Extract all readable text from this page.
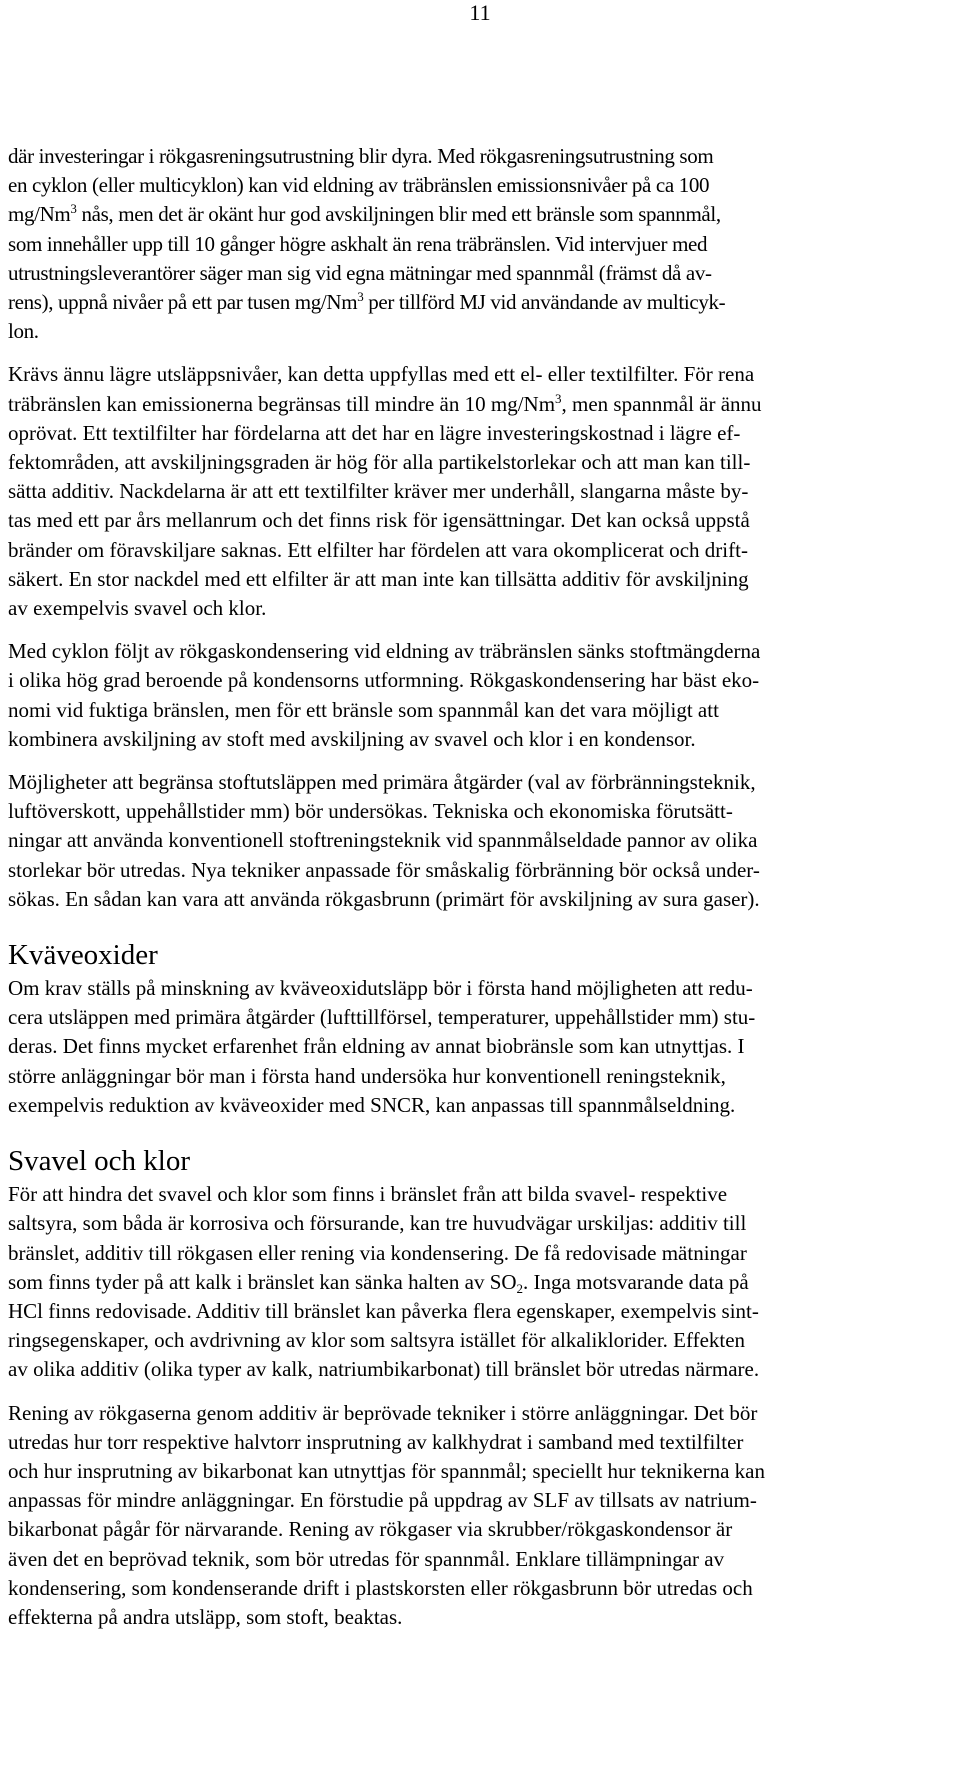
11
där investeringar i rökgasreningsutrustning blir dyra. Med rökgasreningsutrustning som
en cyklon (eller multicyklon) kan vid eldning av träbränslen emissionsnivåer på ca 100
mg/Nm$^3$ nås, men det är okänt hur god avskiljningen blir med ett bränsle som spannmål,
som innehåller upp till 10 gånger högre askhalt än rena träbränslen. Vid intervjuer med
utrustningsleverantörer säger man sig vid egna mätningar med spannmål (främst då av-
rens), uppnå nivåer på ett par tusen mg/Nm$^3$ per tillförd MJ vid användande av multicyk-
lon.
Krävs ännu lägre utsläppsnivåer, kan detta uppfyllas med ett el- eller textilfilter. För rena
träbränslen kan emissionerna begränsas till mindre än 10 mg/Nm$^3$, men spannmål är ännu
oprövat. Ett textilfilter har fördelarna att det har en lägre investeringskostnad i lägre ef-
fektområden, att avskiljningsgraden är hög för alla partikelstorlekar och att man kan till-
sätta additiv. Nackdelarna är att ett textilfilter kräver mer underhåll, slangarna måste by-
tas med ett par års mellanrum och det finns risk för igensättningar. Det kan också uppstå
bränder om föravskiljare saknas. Ett elfilter har fördelen att vara okomplicerat och drift-
säkert. En stor nackdel med ett elfilter är att man inte kan tillsätta additiv för avskiljning
av exempelvis svavel och klor.
Med cyklon följt av rökgaskondensering vid eldning av träbränslen sänks stoftmängderna
i olika hög grad beroende på kondensorns utformning. Rökgaskondensering har bäst eko-
nomi vid fuktiga bränslen, men för ett bränsle som spannmål kan det vara möjligt att
kombinera avskiljning av stoft med avskiljning av svavel och klor i en kondensor.
Möjligheter att begränsa stoftutsläppen med primära åtgärder (val av förbränningsteknik,
luftöverskott, uppehållstider mm) bör undersökas. Tekniska och ekonomiska förutsätt-
ningar att använda konventionell stoftreningsteknik vid spannmålseldade pannor av olika
storlekar bör utredas. Nya tekniker anpassade för småskalig förbränning bör också under-
sökas. En sådan kan vara att använda rökgasbrunn (primärt för avskiljning av sura gaser).
Kväveoxider
Om krav ställs på minskning av kväveoxidutsläpp bör i första hand möjligheten att redu-
cera utsläppen med primära åtgärder (lufttillförsel, temperaturer, uppehållstider mm) stu-
deras. Det finns mycket erfarenhet från eldning av annat biobränsle som kan utnyttjas. I
större anläggningar bör man i första hand undersöka hur konventionell reningsteknik,
exempelvis reduktion av kväveoxider med SNCR, kan anpassas till spannmålseldning.
Svavel och klor
För att hindra det svavel och klor som finns i bränslet från att bilda svavel- respektive
saltsyra, som båda är korrosiva och försurande, kan tre huvudvägar urskiljas: additiv till
bränslet, additiv till rökgasen eller rening via kondensering. De få redovisade mätningar
som finns tyder på att kalk i bränslet kan sänka halten av $SO_2$. Inga motsvarande data på
HCl finns redovisade. Additiv till bränslet kan påverka flera egenskaper, exempelvis sint-
ringsegenskaper, och avdrivning av klor som saltsyra istället för alkaliklorider. Effekten
av olika additiv (olika typer av kalk, natriumbikarbonat) till bränslet bör utredas närmare.
Rening av rökgaserna genom additiv är beprövade tekniker i större anläggningar. Det bör
utredas hur torr respektive halvtorr insprutning av kalkhydrat i samband med textilfilter
och hur insprutning av bikarbonat kan utnyttjas för spannmål; speciellt hur teknikerna kan
anpassas för mindre anläggningar. En förstudie på uppdrag av SLF av tillsats av natrium-
bikarbonat pågår för närvarande. Rening av rökgaser via skrubber/rökgaskondensor är
även det en beprövad teknik, som bör utredas för spannmål. Enklare tillämpningar av
kondensering, som kondenserande drift i plastskorsten eller rökgasbrunn bör utredas och
effekterna på andra utsläpp, som stoft, beaktas.
